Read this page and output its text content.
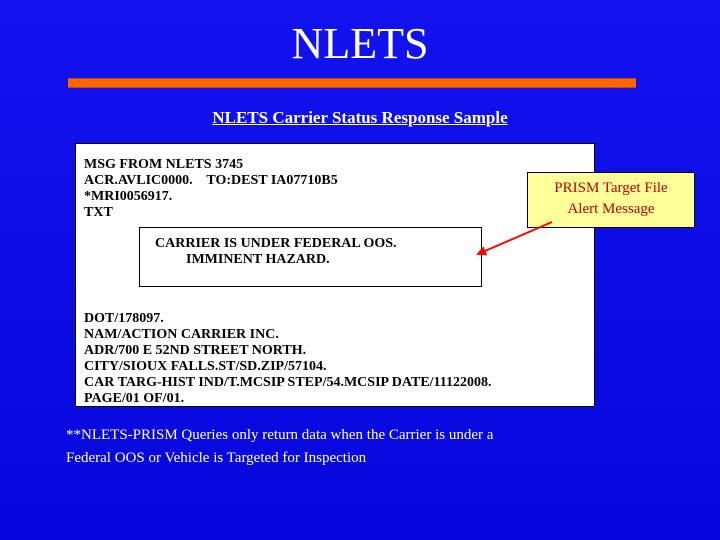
NLETS
NLETS Carrier Status Response Sample

MSG FROM NLETS 3745

ACR.AVLIC0000.    TO:DEST IA07710B5

*MRI0056917.

TXT

DOT/178097.

NAM/ACTION CARRIER INC.

ADR/700 E 52ND STREET NORTH.

CITY/SIOUX FALLS.ST/SD.ZIP/57104.

CAR TARG-HIST IND/T.MCSIP STEP/54.MCSIP DATE/11122008.

PAGE/01 OF/01.

CARRIER IS UNDER FEDERAL OOS.

IMMINENT HAZARD.

PRISM Target File
Alert Message
**NLETS-PRISM Queries only return data when the Carrier is under a
Federal OOS or Vehicle is Targeted for Inspection
